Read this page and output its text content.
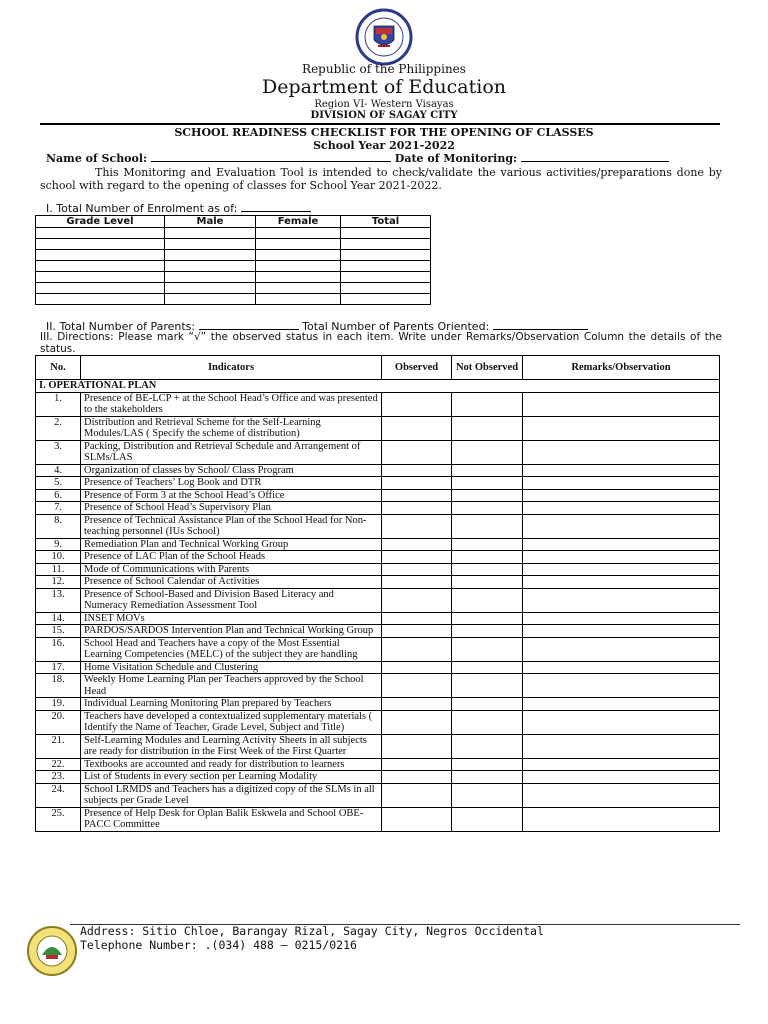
Republic of the Philippines
Department of Education
Region VI- Western Visayas
DIVISION OF SAGAY CITY
SCHOOL READINESS CHECKLIST FOR THE OPENING OF CLASSES
School Year 2021-2022
Name of School:	Date of Monitoring:
This Monitoring and Evaluation Tool is intended to check/validate the various activities/preparations done by school with regard to the opening of classes for School Year 2021-2022.
I. Total Number of Enrolment as of:
Grade Level	Male	Female	Total

II. Total Number of Parents:	Total Number of Parents Oriented:
III. Directions: Please mark “√” the observed status in each item. Write under Remarks/Observation Column the details of the status.
No.	Indicators	Observed	Not Observed	Remarks/Observation
I. OPERATIONAL PLAN				
1.	Presence of BE-LCP + at the School Head’s Office and was presented to the stakeholders			
2.	Distribution and Retrieval Scheme for the Self-Learning Modules/LAS ( Specify the scheme of distribution)			
3.	Packing, Distribution and Retrieval Schedule and Arrangement of SLMs/LAS			
4.	Organization of classes by School/ Class Program			
5.	Presence of Teachers’ Log Book and DTR			
6.	Presence of Form 3 at the School Head’s Office			
7.	Presence of School Head’s Supervisory Plan			
8.	Presence of Technical Assistance Plan of the School Head for Non-teaching personnel (IUs School)			
9.	Remediation Plan and Technical Working Group			
10.	Presence of LAC Plan of the School Heads			
11.	Mode of Communications with Parents			
12.	Presence of School Calendar of Activities			
13.	Presence of School-Based and Division Based Literacy and Numeracy Remediation Assessment Tool			
14.	INSET MOVs			
15.	PARDOS/SARDOS Intervention Plan and Technical Working Group			
16.	School Head and Teachers have a copy of the Most Essential Learning Competencies (MELC) of the subject they are handling			
17.	Home Visitation Schedule and Clustering			
18.	Weekly Home Learning Plan per Teachers approved by the School Head			
19.	Individual Learning Monitoring Plan prepared by Teachers			
20.	Teachers have developed a contextualized supplementary materials ( Identify the Name of Teacher, Grade Level, Subject and Title)			
21.	Self-Learning Modules and Learning Activity Sheets in all subjects are ready for distribution in the First Week of the First Quarter			
22.	Textbooks are accounted and ready for distribution to learners			
23.	List of Students in every section per Learning Modality			
24.	School LRMDS and Teachers has a digitized copy of the SLMs in all subjects per Grade Level			
25.	Presence of Help Desk for Oplan Balik Eskwela and School OBE-PACC Committee			
Address: Sitio Chloe, Barangay Rizal, Sagay City, Negros Occidental
Telephone Number: .(034) 488 – 0215/0216
